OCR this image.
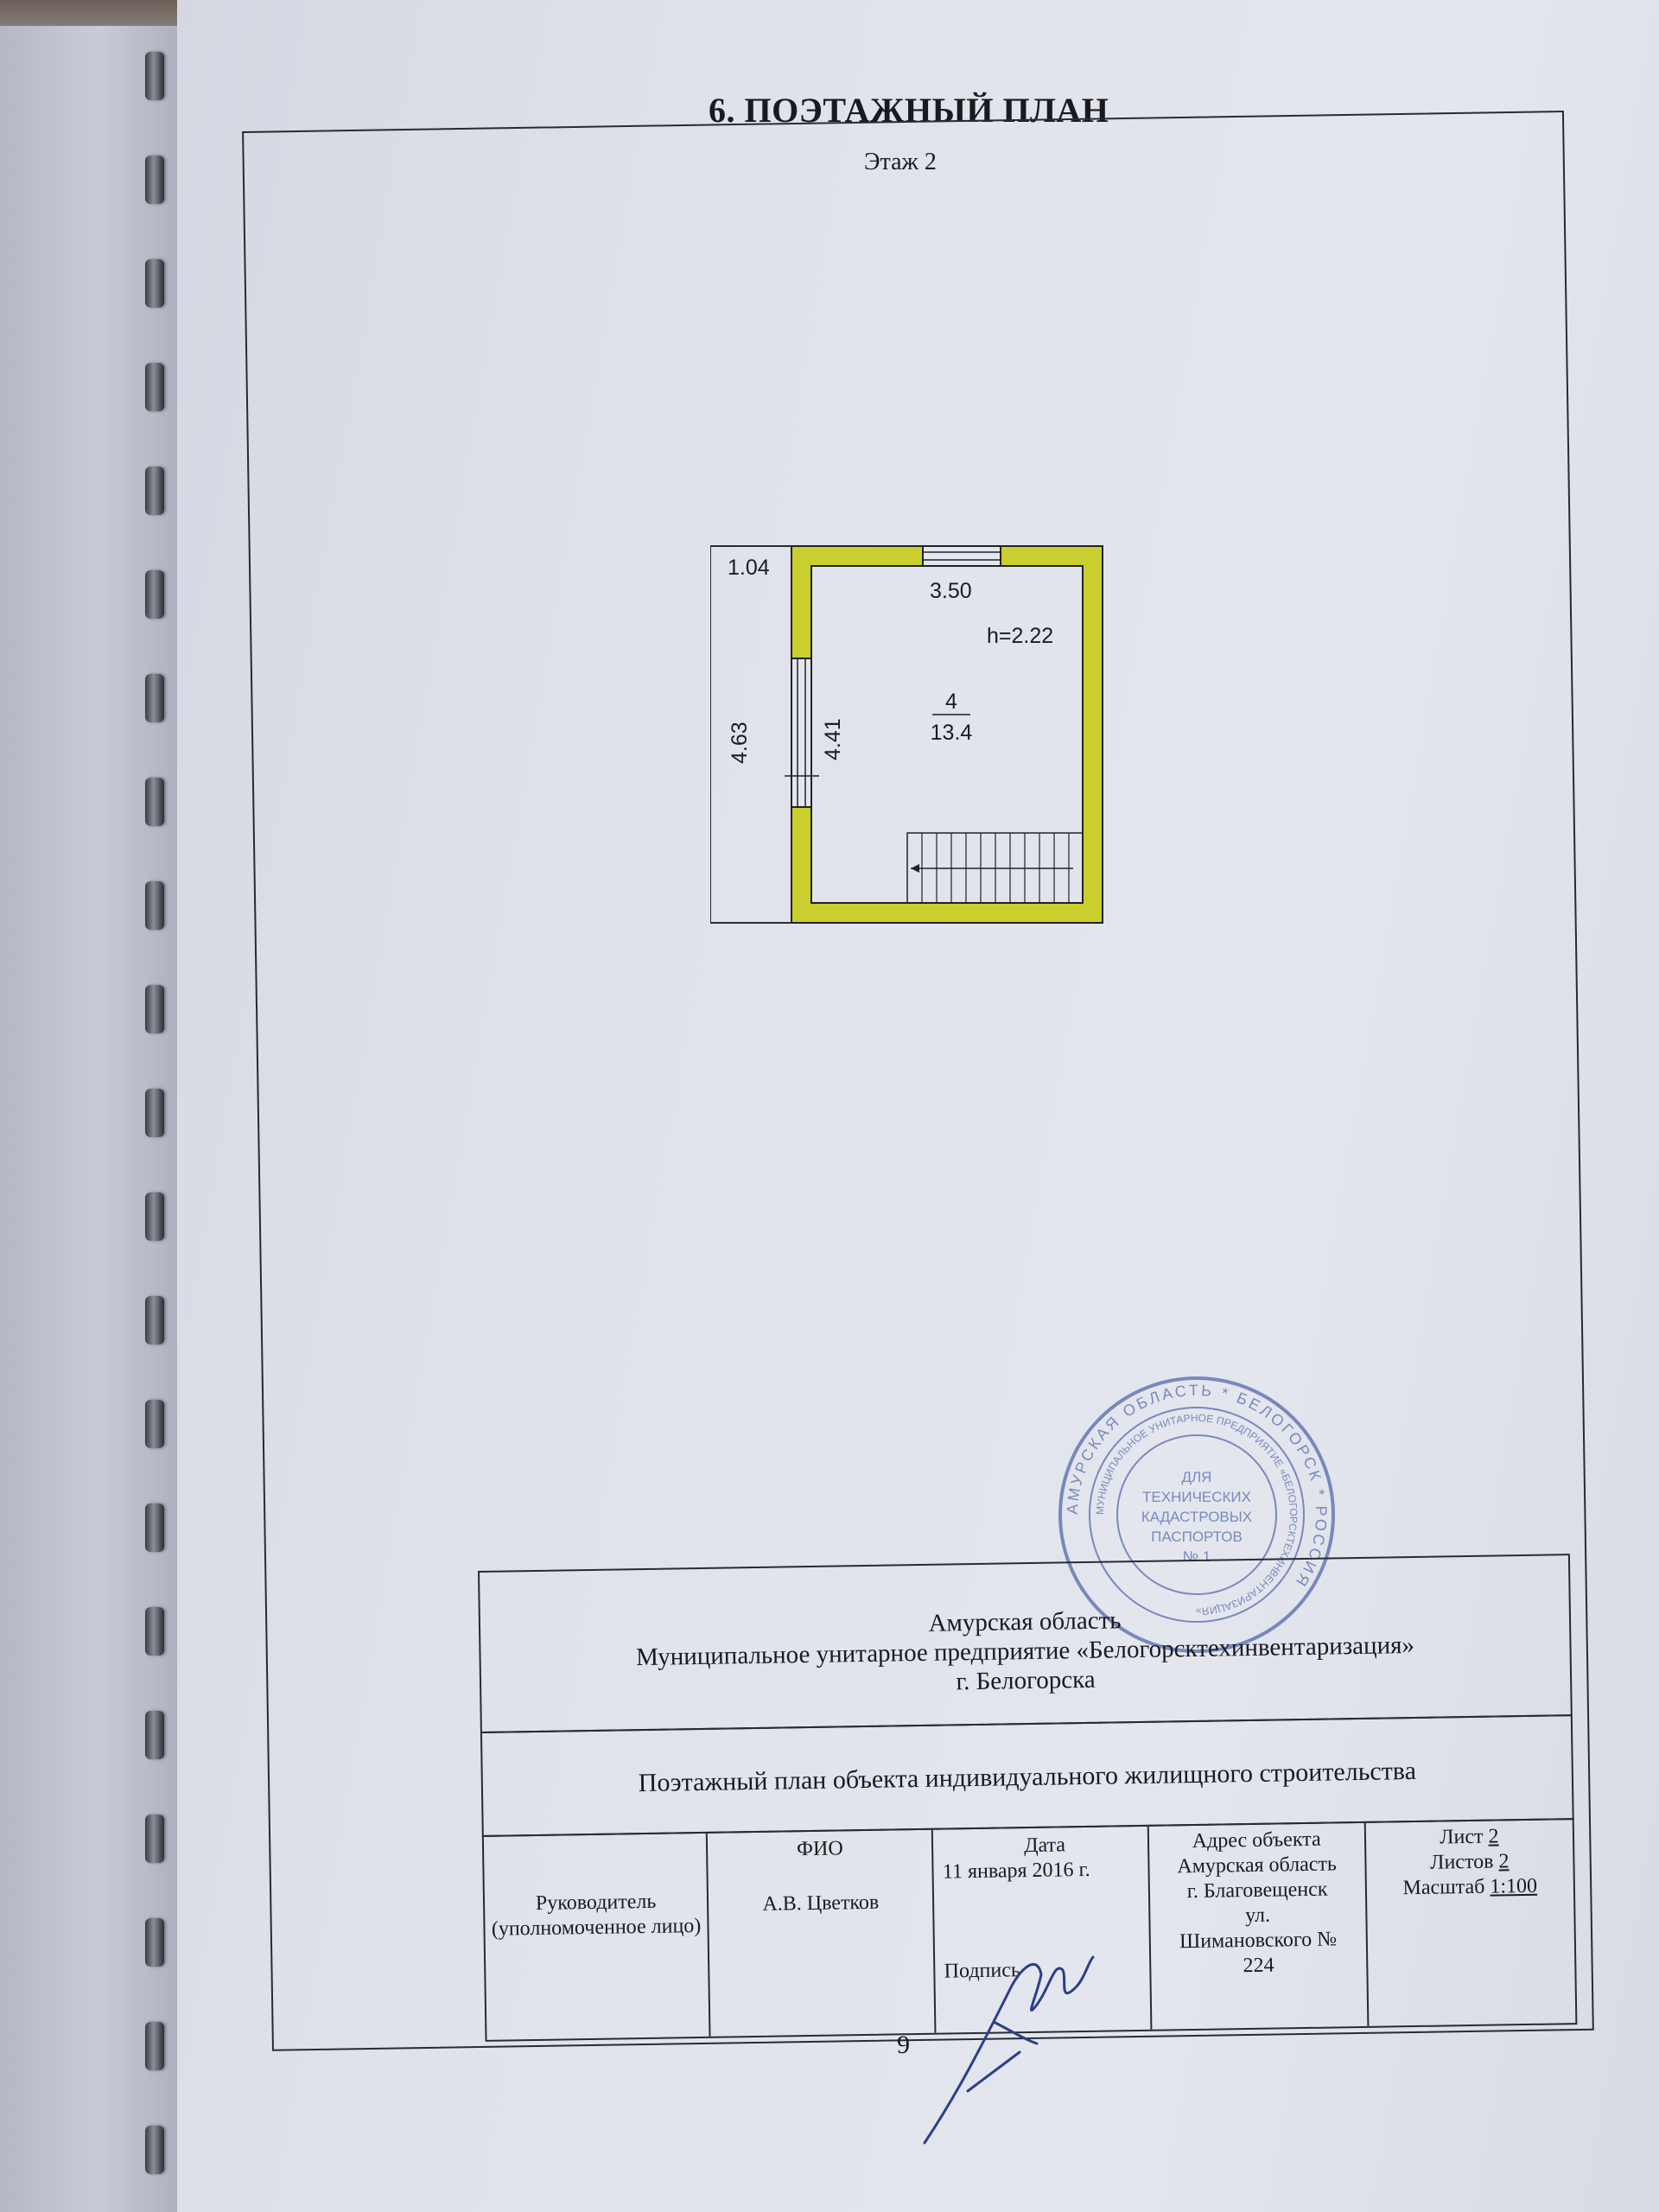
6. ПОЭТАЖНЫЙ ПЛАН
Этаж 2
1.04
3.50
4.63	4.41
h=2.22
4
13.4
АМУРСКАЯ ОБЛАСТЬ * БЕЛОГОРСК * РОССИЯ
МУНИЦИПАЛЬНОЕ УНИТАРНОЕ ПРЕДПРИЯТИЕ «БЕЛОГОРСКТЕХИНВЕНТАРИЗАЦИЯ»
ДЛЯ
ТЕХНИЧЕСКИХ
КАДАСТРОВЫХ
ПАСПОРТОВ
№ 1
Амурская область
Муниципальное унитарное предприятие «Белогорсктехинвентаризация»
г. Белогорска
Поэтажный план объекта индивидуального жилищного строительства
Руководитель (уполномоченное лицо)
ФИО
А.В. Цветков
Дата
11 января 2016 г.
Подпись
Адрес объекта
Амурская область
г. Благовещенск
ул.
Шимановского №
224
Лист 2
Листов 2
Масштаб 1:100
9
